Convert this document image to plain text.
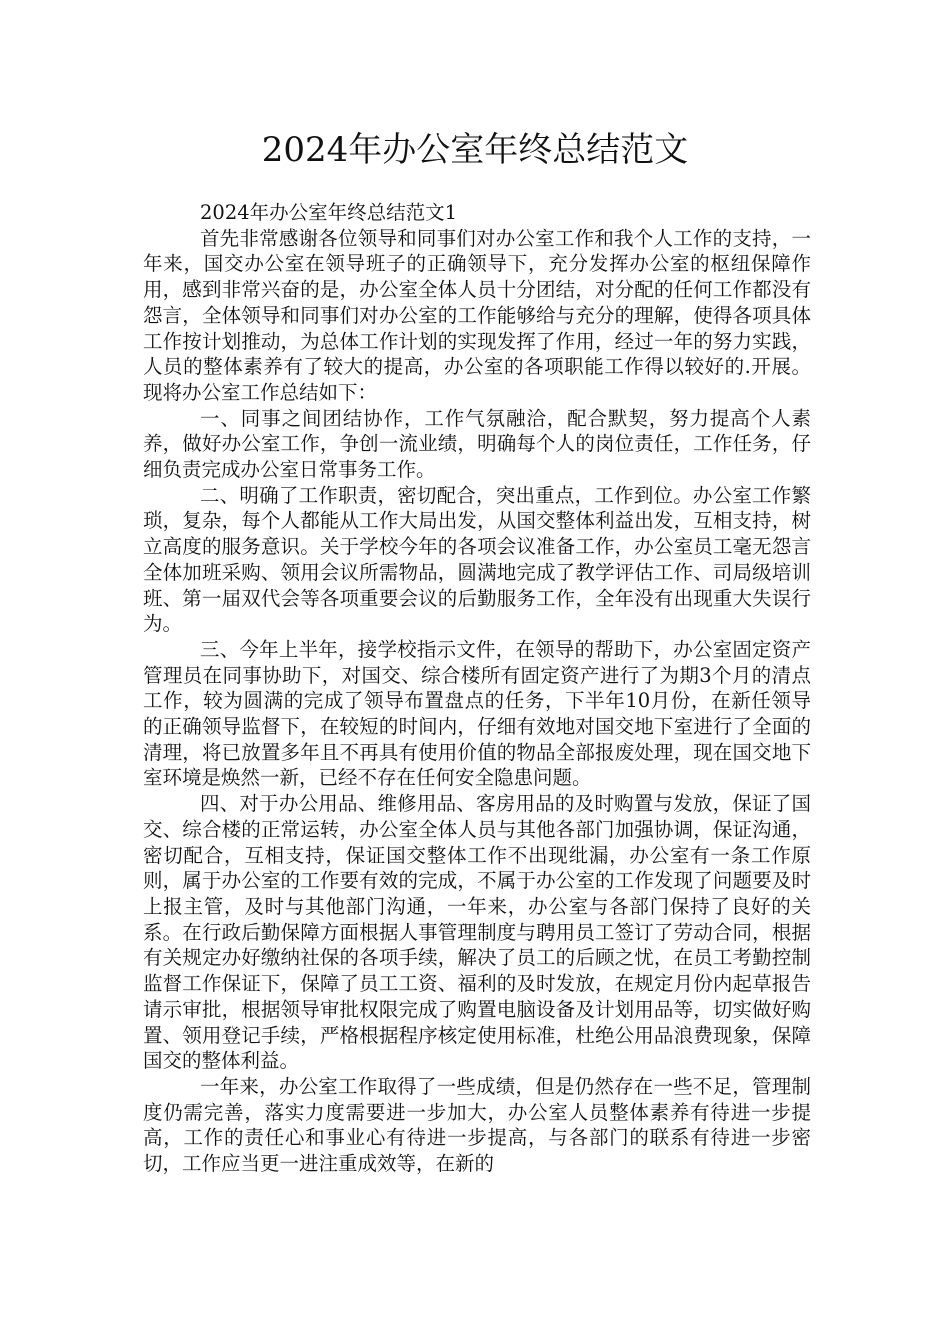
2024年办公室年终总结范文

2024年办公室年终总结范文1

首先非常感谢各位领导和同事们对办公室工作和我个人工作的支持，一年来，国交办公室在领导班子的正确领导下，充分发挥办公室的枢纽保障作用，感到非常兴奋的是，办公室全体人员十分团结，对分配的任何工作都没有怨言，全体领导和同事们对办公室的工作能够给与充分的理解，使得各项具体工作按计划推动，为总体工作计划的实现发挥了作用，经过一年的努力实践，人员的整体素养有了较大的提高，办公室的各项职能工作得以较好的.开展。现将办公室工作总结如下：

一、同事之间团结协作，工作气氛融洽，配合默契，努力提高个人素养，做好办公室工作，争创一流业绩，明确每个人的岗位责任，工作任务，仔细负责完成办公室日常事务工作。

二、明确了工作职责，密切配合，突出重点，工作到位。办公室工作繁琐，复杂，每个人都能从工作大局出发，从国交整体利益出发，互相支持，树立高度的服务意识。关于学校今年的各项会议准备工作，办公室员工毫无怨言全体加班采购、领用会议所需物品，圆满地完成了教学评估工作、司局级培训班、第一届双代会等各项重要会议的后勤服务工作，全年没有出现重大失误行为。

三、今年上半年，接学校指示文件，在领导的帮助下，办公室固定资产管理员在同事协助下，对国交、综合楼所有固定资产进行了为期3个月的清点工作，较为圆满的完成了领导布置盘点的任务，下半年10月份，在新任领导的正确领导监督下，在较短的时间内，仔细有效地对国交地下室进行了全面的清理，将已放置多年且不再具有使用价值的物品全部报废处理，现在国交地下室环境是焕然一新，已经不存在任何安全隐患问题。

四、对于办公用品、维修用品、客房用品的及时购置与发放，保证了国交、综合楼的正常运转，办公室全体人员与其他各部门加强协调，保证沟通，密切配合，互相支持，保证国交整体工作不出现纰漏，办公室有一条工作原则，属于办公室的工作要有效的完成，不属于办公室的工作发现了问题要及时上报主管，及时与其他部门沟通，一年来，办公室与各部门保持了良好的关系。在行政后勤保障方面根据人事管理制度与聘用员工签订了劳动合同，根据有关规定办好缴纳社保的各项手续，解决了员工的后顾之忧，在员工考勤控制监督工作保证下，保障了员工工资、福利的及时发放，在规定月份内起草报告请示审批，根据领导审批权限完成了购置电脑设备及计划用品等，切实做好购置、领用登记手续，严格根据程序核定使用标准，杜绝公用品浪费现象，保障国交的整体利益。

一年来，办公室工作取得了一些成绩，但是仍然存在一些不足，管理制度仍需完善，落实力度需要进一步加大，办公室人员整体素养有待进一步提高，工作的责任心和事业心有待进一步提高，与各部门的联系有待进一步密切，工作应当更一进注重成效等，在新的
